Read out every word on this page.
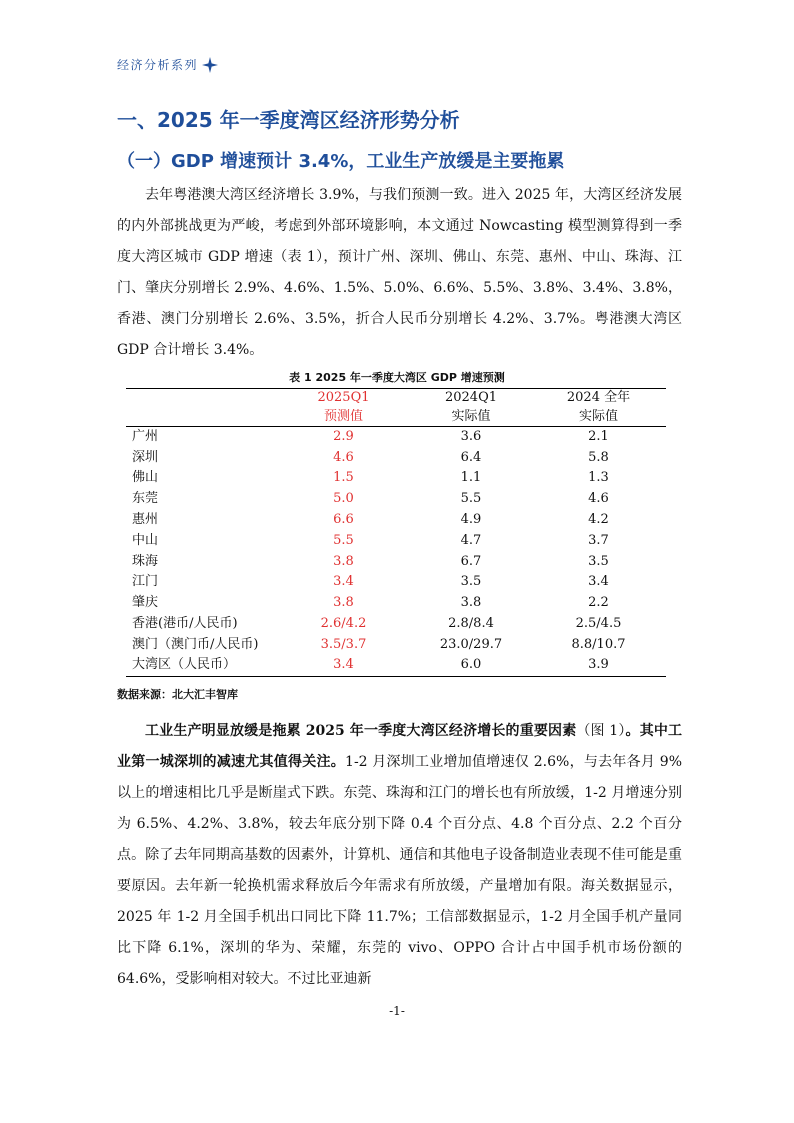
经济分析系列
一、2025 年一季度湾区经济形势分析
（一）GDP 增速预计 3.4%，工业生产放缓是主要拖累

去年粤港澳大湾区经济增长 3.9%，与我们预测一致。进入 2025 年，大湾区经济发展的内外部挑战更为严峻，考虑到外部环境影响，本文通过 Nowcasting 模型测算得到一季度大湾区城市 GDP 增速（表 1），预计广州、深圳、佛山、东莞、惠州、中山、珠海、江门、肇庆分别增长 2.9%、4.6%、1.5%、5.0%、6.6%、5.5%、3.8%、3.4%、3.8%，香港、澳门分别增长 2.6%、3.5%，折合人民币分别增长 4.2%、3.7%。粤港澳大湾区 GDP 合计增长 3.4%。

表 1 2025 年一季度大湾区 GDP 增速预测
	2025Q1	2024Q1	2024 全年
	预测值	实际值	实际值
广州	2.9	3.6	2.1
深圳	4.6	6.4	5.8
佛山	1.5	1.1	1.3
东莞	5.0	5.5	4.6
惠州	6.6	4.9	4.2
中山	5.5	4.7	3.7
珠海	3.8	6.7	3.5
江门	3.4	3.5	3.4
肇庆	3.8	3.8	2.2
香港(港币/人民币)	2.6/4.2	2.8/8.4	2.5/4.5
澳门（澳门币/人民币)	3.5/3.7	23.0/29.7	8.8/10.7
大湾区（人民币）	3.4	6.0	3.9
数据来源：北大汇丰智库

工业生产明显放缓是拖累 2025 年一季度大湾区经济增长的重要因素（图 1）。其中工业第一城深圳的减速尤其值得关注。1-2 月深圳工业增加值增速仅 2.6%，与去年各月 9%以上的增速相比几乎是断崖式下跌。东莞、珠海和江门的增长也有所放缓，1-2 月增速分别为 6.5%、4.2%、3.8%，较去年底分别下降 0.4 个百分点、4.8 个百分点、2.2 个百分点。除了去年同期高基数的因素外，计算机、通信和其他电子设备制造业表现不佳可能是重要原因。去年新一轮换机需求释放后今年需求有所放缓，产量增加有限。海关数据显示，2025 年 1-2 月全国手机出口同比下降 11.7%；工信部数据显示，1-2 月全国手机产量同比下降 6.1%，深圳的华为、荣耀，东莞的 vivo、OPPO 合计占中国手机市场份额的 64.6%，受影响相对较大。不过比亚迪新

-1-
